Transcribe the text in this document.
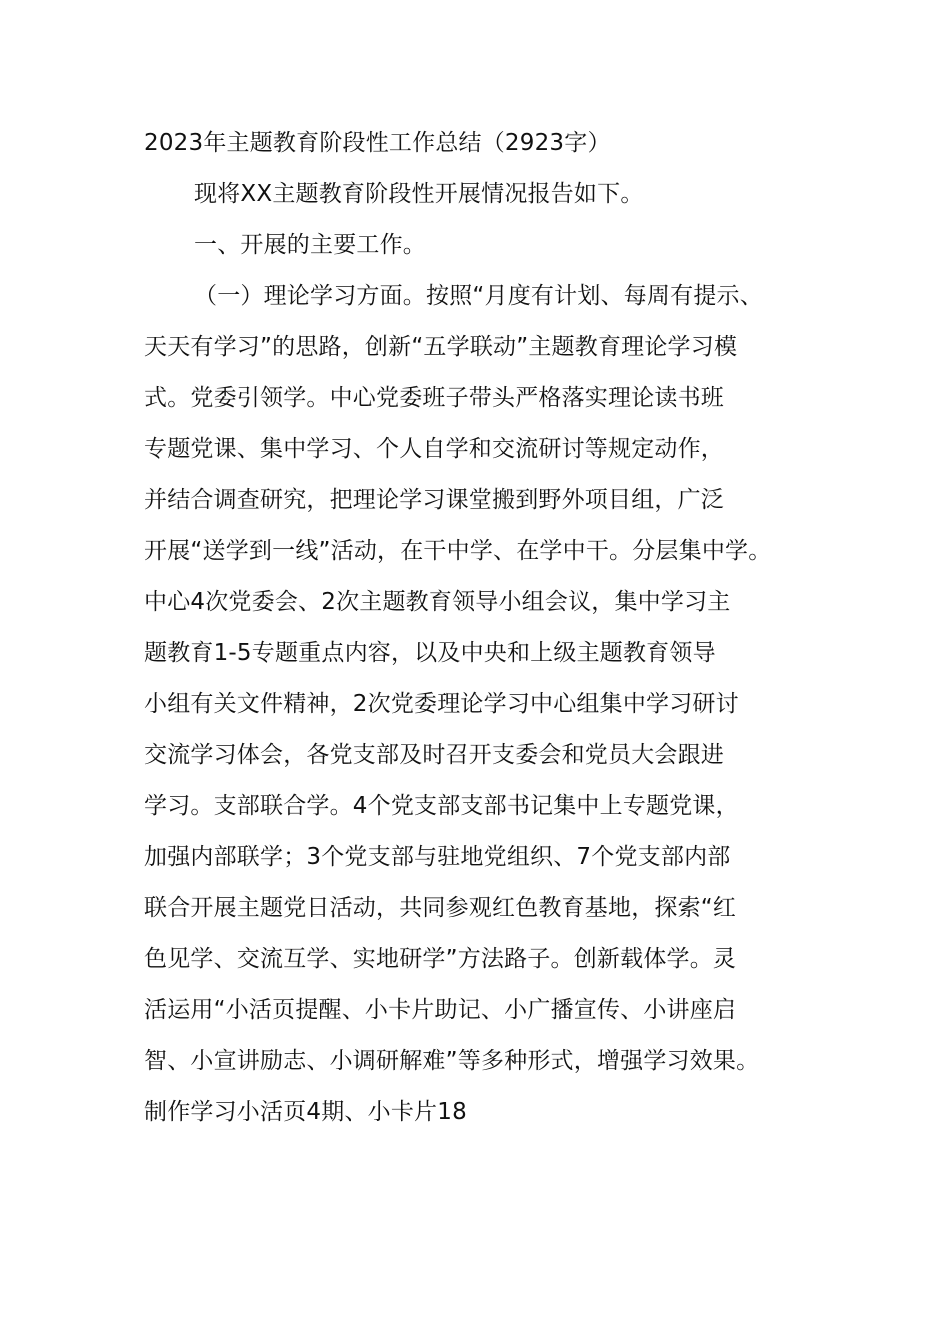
2023年主题教育阶段性工作总结（2923字）
现将XX主题教育阶段性开展情况报告如下。
一、开展的主要工作。
（一）理论学习方面。按照“月度有计划、每周有提示、
天天有学习”的思路，创新“五学联动”主题教育理论学习模
式。党委引领学。中心党委班子带头严格落实理论读书班
专题党课、集中学习、个人自学和交流研讨等规定动作，
并结合调查研究，把理论学习课堂搬到野外项目组，广泛
开展“送学到一线”活动，在干中学、在学中干。分层集中学。
中心4次党委会、2次主题教育领导小组会议，集中学习主
题教育1-5专题重点内容，以及中央和上级主题教育领导
小组有关文件精神，2次党委理论学习中心组集中学习研讨
交流学习体会，各党支部及时召开支委会和党员大会跟进
学习。支部联合学。4个党支部支部书记集中上专题党课，
加强内部联学；3个党支部与驻地党组织、7个党支部内部
联合开展主题党日活动，共同参观红色教育基地，探索“红
色见学、交流互学、实地研学”方法路子。创新载体学。灵
活运用“小活页提醒、小卡片助记、小广播宣传、小讲座启
智、小宣讲励志、小调研解难”等多种形式，增强学习效果。
制作学习小活页4期、小卡片18
